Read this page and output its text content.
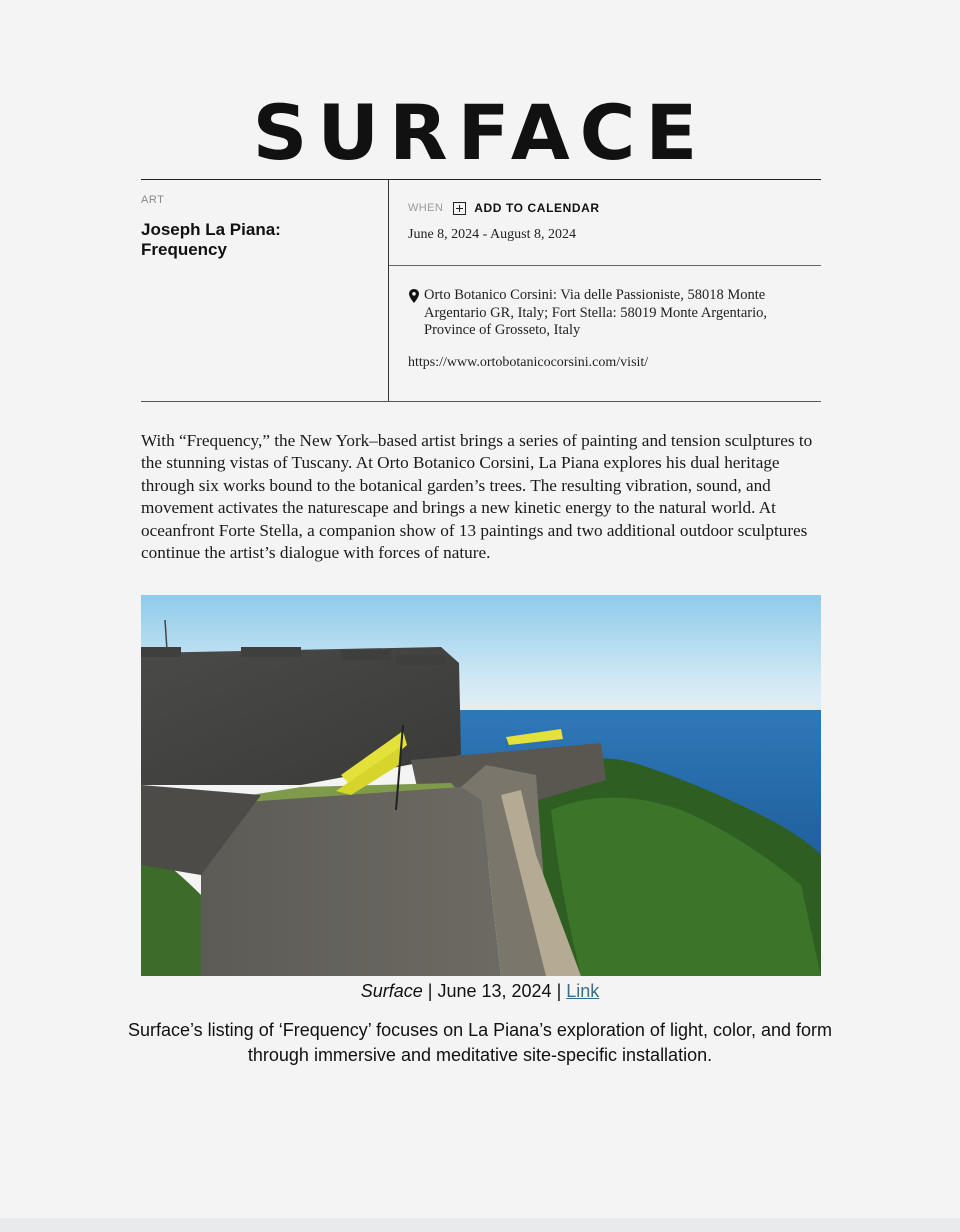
SURFACE
ART
Joseph La Piana: Frequency
WHEN	ADD TO CALENDAR
June 8, 2024 - August 8, 2024
Orto Botanico Corsini: Via delle Passioniste, 58018 Monte Argentario GR, Italy; Fort Stella: 58019 Monte Argentario, Province of Grosseto, Italy
https://www.ortobotanicocorsini.com/visit/
With “Frequency,” the New York–based artist brings a series of painting and tension sculptures to the stunning vistas of Tuscany. At Orto Botanico Corsini, La Piana explores his dual heritage through six works bound to the botanical garden’s trees. The resulting vibration, sound, and movement activates the naturescape and brings a new kinetic energy to the natural world. At oceanfront Forte Stella, a companion show of 13 paintings and two additional outdoor sculptures continue the artist’s dialogue with forces of nature.
Surface | June 13, 2024 | Link
Surface’s listing of ‘Frequency’ focuses on La Piana’s exploration of light, color, and form through immersive and meditative site-specific installation.
